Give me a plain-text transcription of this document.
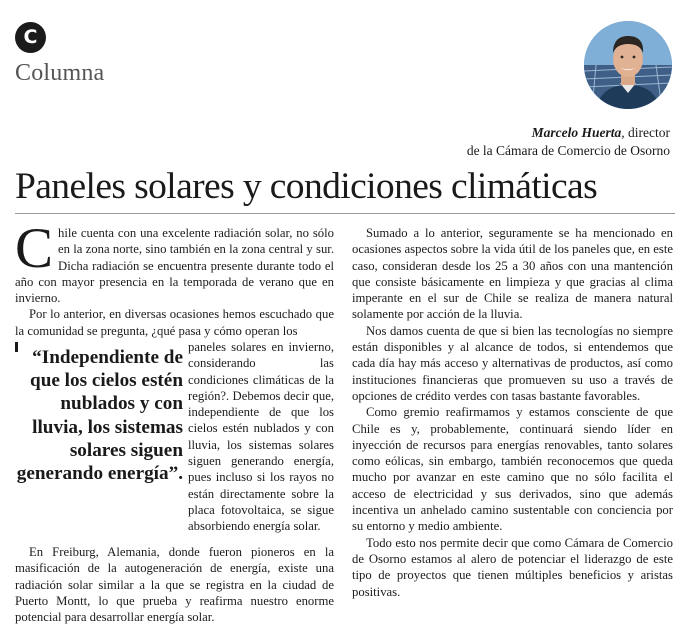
C
Columna
Marcelo Huerta, director
de la Cámara de Comercio de Osorno
Paneles solares y condiciones climáticas

Chile cuenta con una excelente radiación solar, no sólo en la zona norte, sino también en la zona central y sur. Dicha radiación se encuentra presente durante todo el año con mayor presencia en la temporada de verano que en invierno.

Por lo anterior, en diversas ocasiones hemos escuchado que la comunidad se pregunta, ¿qué pasa y cómo operan los

“Independiente de que los cielos estén nublados y con lluvia, los sistemas solares siguen generando energía”.

paneles solares en invierno, considerando las condiciones climáticas de la región?. Debemos decir que, independiente de que los cielos estén nublados y con lluvia, los sistemas solares siguen generando energía, pues incluso si los rayos no están directamente sobre la placa fotovoltaica, se sigue absorbiendo energía solar.

En Freiburg, Alemania, donde fueron pioneros en la masificación de la autogeneración de energía, existe una radiación solar similar a la que se registra en la ciudad de Puerto Montt, lo que prueba y reafirma nuestro enorme potencial para desarrollar energía solar.

Sumado a lo anterior, seguramente se ha mencionado en ocasiones aspectos sobre la vida útil de los paneles que, en este caso, consideran desde los 25 a 30 años con una mantención que consiste básicamente en limpieza y que gracias al clima imperante en el sur de Chile se realiza de manera natural solamente por acción de la lluvia.

Nos damos cuenta de que si bien las tecnologías no siempre están disponibles y al alcance de todos, si entendemos que cada día hay más acceso y alternativas de productos, así como instituciones financieras que promueven su uso a través de opciones de crédito verdes con tasas bastante favorables.

Como gremio reafirmamos y estamos consciente de que Chile es y, probablemente, continuará siendo líder en inyección de recursos para energías renovables, tanto solares como eólicas, sin embargo, también reconocemos que queda mucho por avanzar en este camino que no sólo facilita el acceso de electricidad y sus derivados, sino que además incentiva un anhelado camino sustentable con conciencia por su entorno y medio ambiente.

Todo esto nos permite decir que como Cámara de Comercio de Osorno estamos al alero de potenciar el liderazgo de este tipo de proyectos que tienen múltiples beneficios y aristas positivas.
